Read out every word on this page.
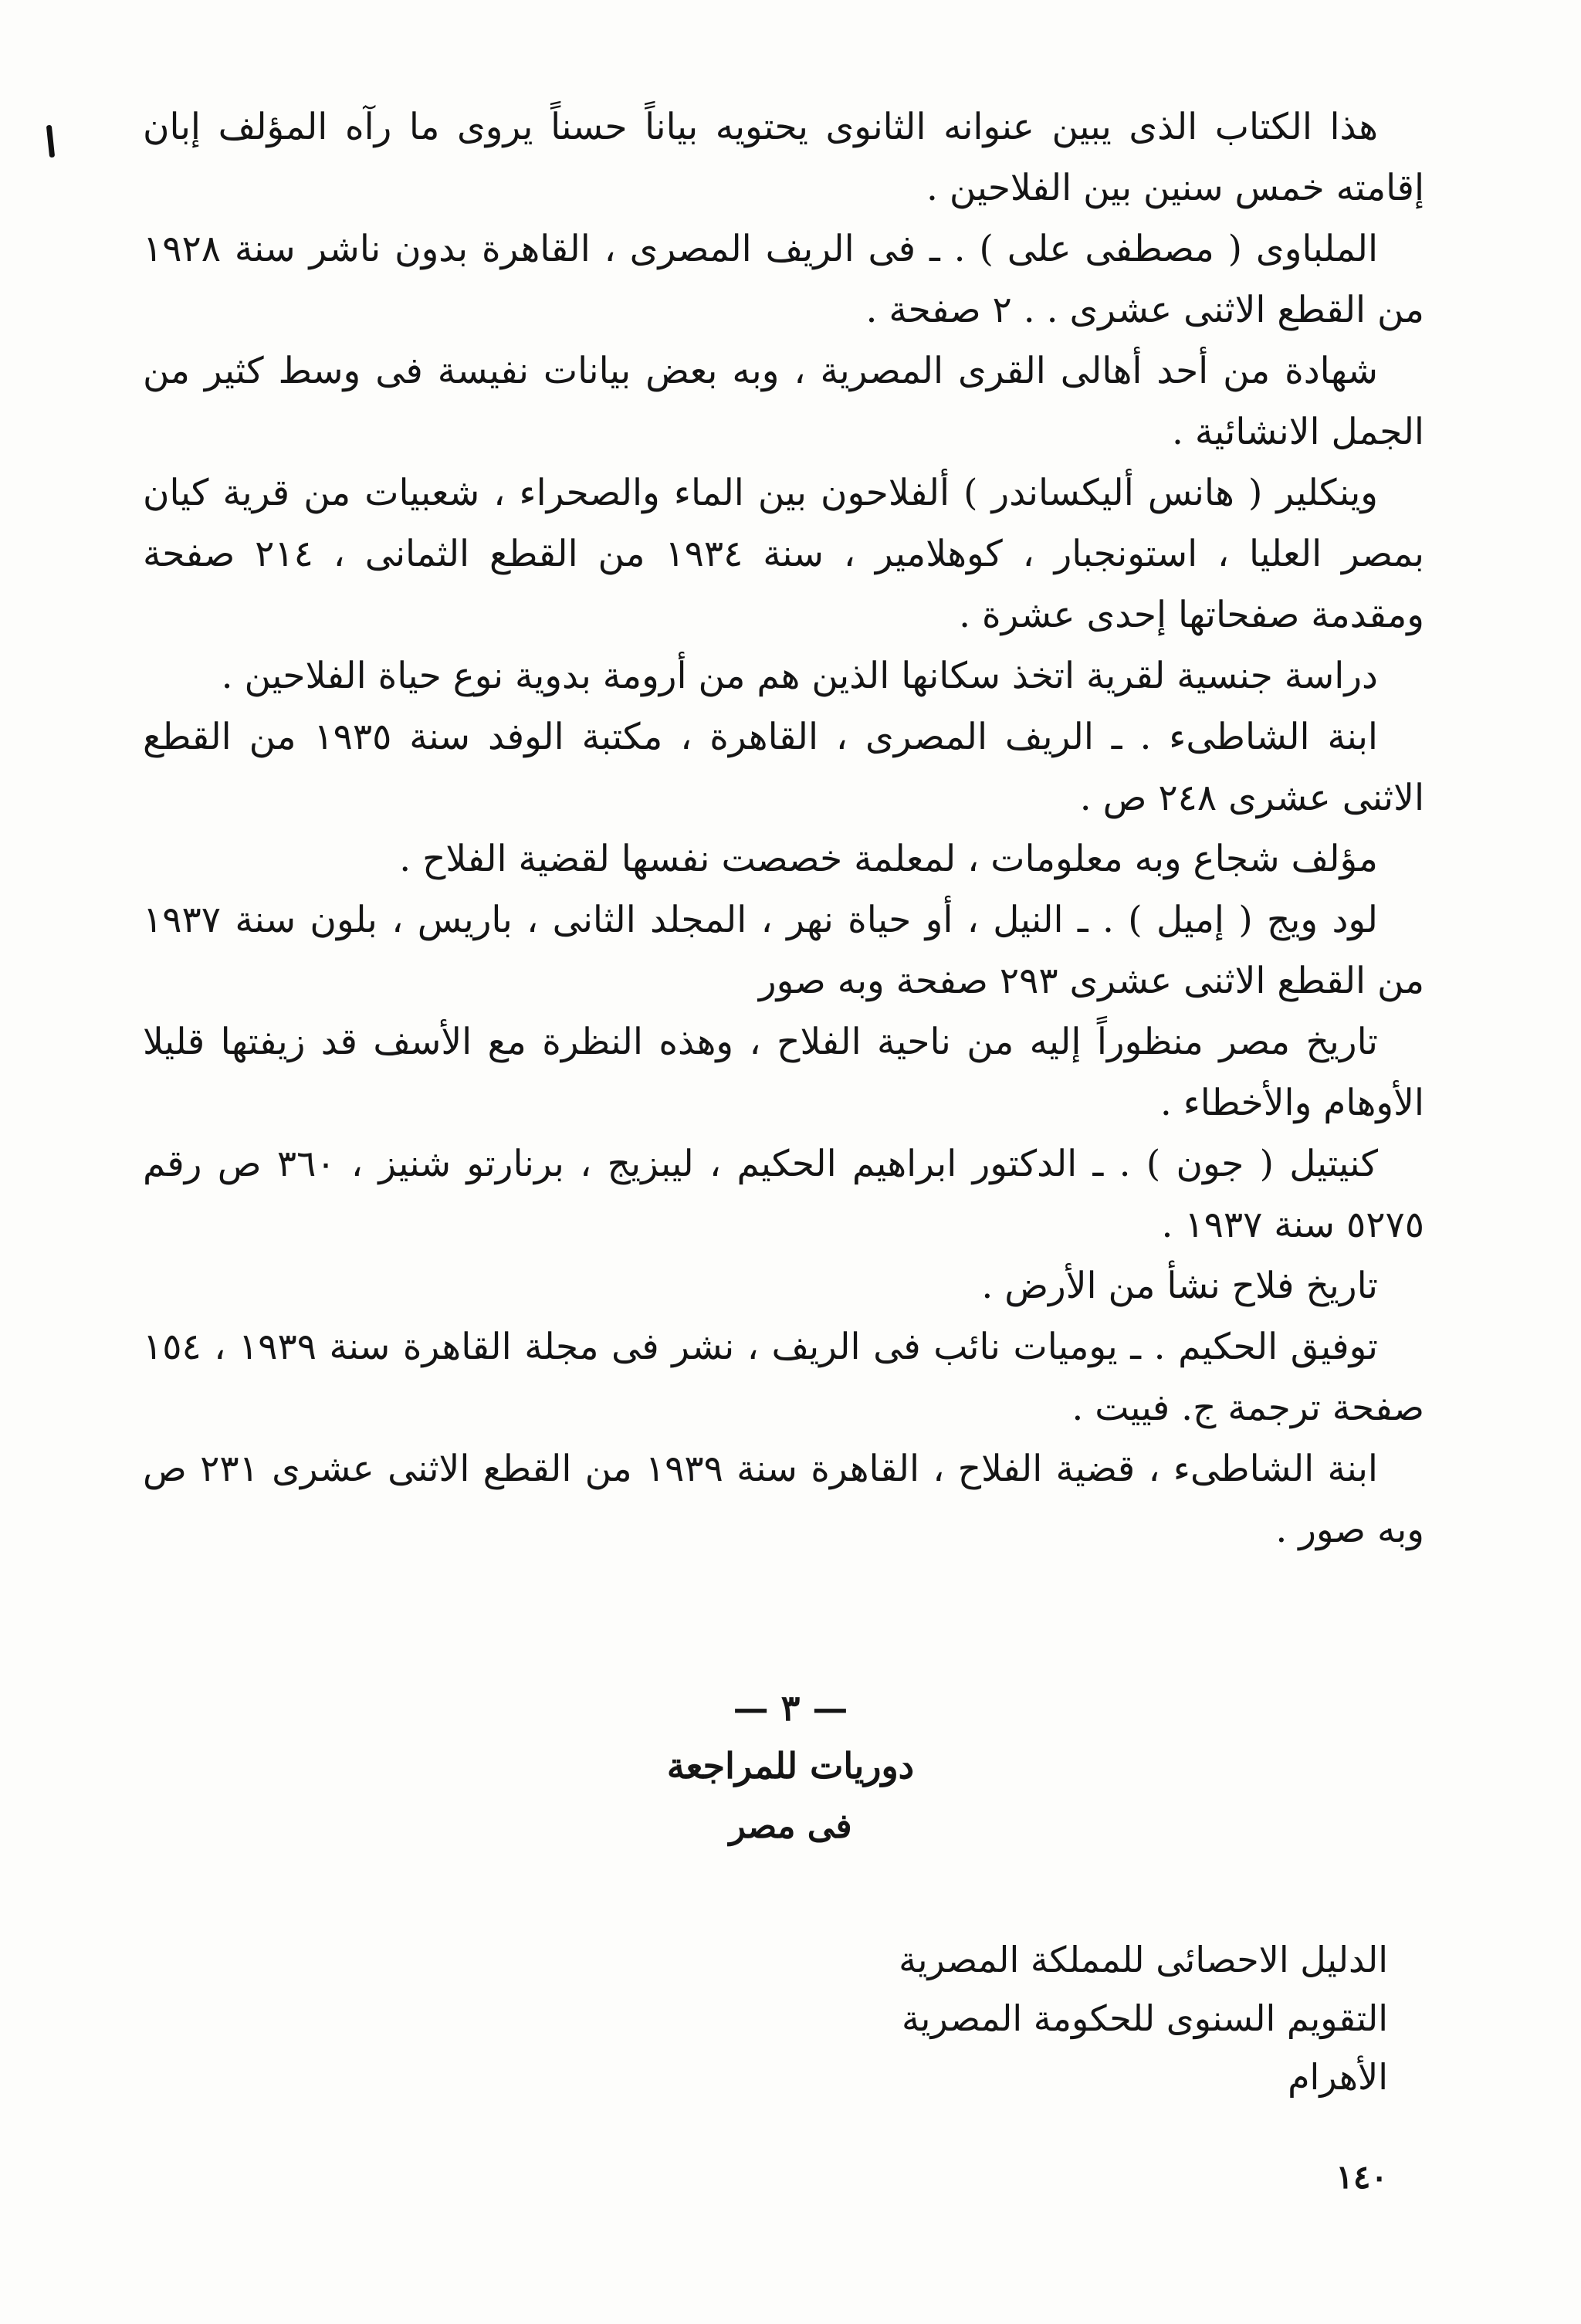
هذا الكتاب الذى يبين عنوانه الثانوى يحتويه بياناً حسناً يروى ما رآه المؤلف إبان إقامته خمس سنين بين الفلاحين .

الملباوى ( مصطفى على ) . ـ فى الريف المصرى ، القاهرة بدون ناشر سنة ١٩٢٨ من القطع الاثنى عشرى . . ٢ صفحة .

شهادة من أحد أهالى القرى المصرية ، وبه بعض بيانات نفيسة فى وسط كثير من الجمل الانشائية .

وينكلير ( هانس أليكساندر ) ألفلاحون بين الماء والصحراء ، شعبيات من قرية كيان بمصر العليا ، استونجبار ، كوهلامير ، سنة ١٩٣٤ من القطع الثمانى ، ٢١٤ صفحة ومقدمة صفحاتها إحدى عشرة .

دراسة جنسية لقرية اتخذ سكانها الذين هم من أرومة بدوية نوع حياة الفلاحين .

ابنة الشاطىء . ـ الريف المصرى ، القاهرة ، مكتبة الوفد سنة ١٩٣٥ من القطع الاثنى عشرى ٢٤٨ ص .

مؤلف شجاع وبه معلومات ، لمعلمة خصصت نفسها لقضية الفلاح .

لود ويج ( إميل ) . ـ النيل ، أو حياة نهر ، المجلد الثانى ، باريس ، بلون سنة ١٩٣٧ من القطع الاثنى عشرى ٢٩٣ صفحة وبه صور

تاريخ مصر منظوراً إليه من ناحية الفلاح ، وهذه النظرة مع الأسف قد زيفتها قليلا الأوهام والأخطاء .

كنيتيل ( جون ) . ـ الدكتور ابراهيم الحكيم ، ليبزيج ، برنارتو شنيز ، ٣٦٠ ص رقم ٥٢٧٥ سنة ١٩٣٧ .

تاريخ فلاح نشأ من الأرض .

توفيق الحكيم . ـ يوميات نائب فى الريف ، نشر فى مجلة القاهرة سنة ١٩٣٩ ، ١٥٤ صفحة ترجمة ج. فييت .

ابنة الشاطىء ، قضية الفلاح ، القاهرة سنة ١٩٣٩ من القطع الاثنى عشرى ٢٣١ ص وبه صور .

— ٣ —
دوريات للمراجعة
فى مصر
الدليل الاحصائى للمملكة المصرية
التقويم السنوى للحكومة المصرية
الأهرام
١٤٠
